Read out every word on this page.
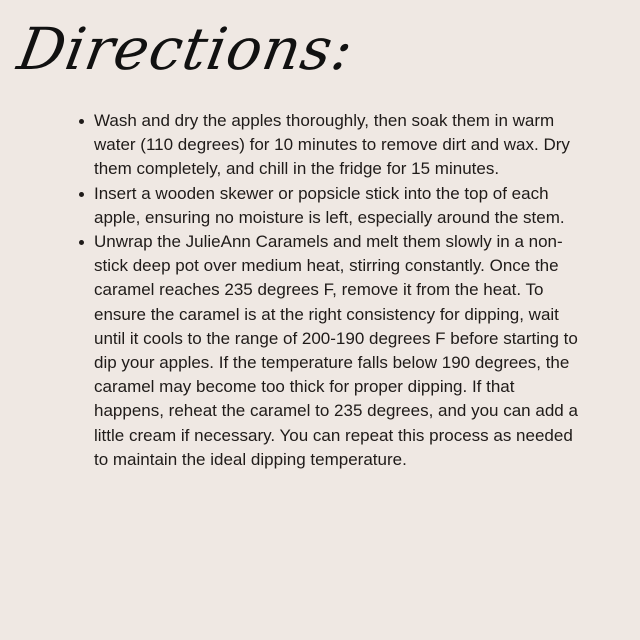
Directions:
Wash and dry the apples thoroughly, then soak them in warm water (110 degrees) for 10 minutes to remove dirt and wax. Dry them completely, and chill in the fridge for 15 minutes.
Insert a wooden skewer or popsicle stick into the top of each apple, ensuring no moisture is left, especially around the stem.
Unwrap the JulieAnn Caramels and melt them slowly in a non-stick deep pot over medium heat, stirring constantly. Once the caramel reaches 235 degrees F, remove it from the heat. To ensure the caramel is at the right consistency for dipping, wait until it cools to the range of 200-190 degrees F before starting to dip your apples. If the temperature falls below 190 degrees, the caramel may become too thick for proper dipping. If that happens, reheat the caramel to 235 degrees, and you can add a little cream if necessary. You can repeat this process as needed to maintain the ideal dipping temperature.
